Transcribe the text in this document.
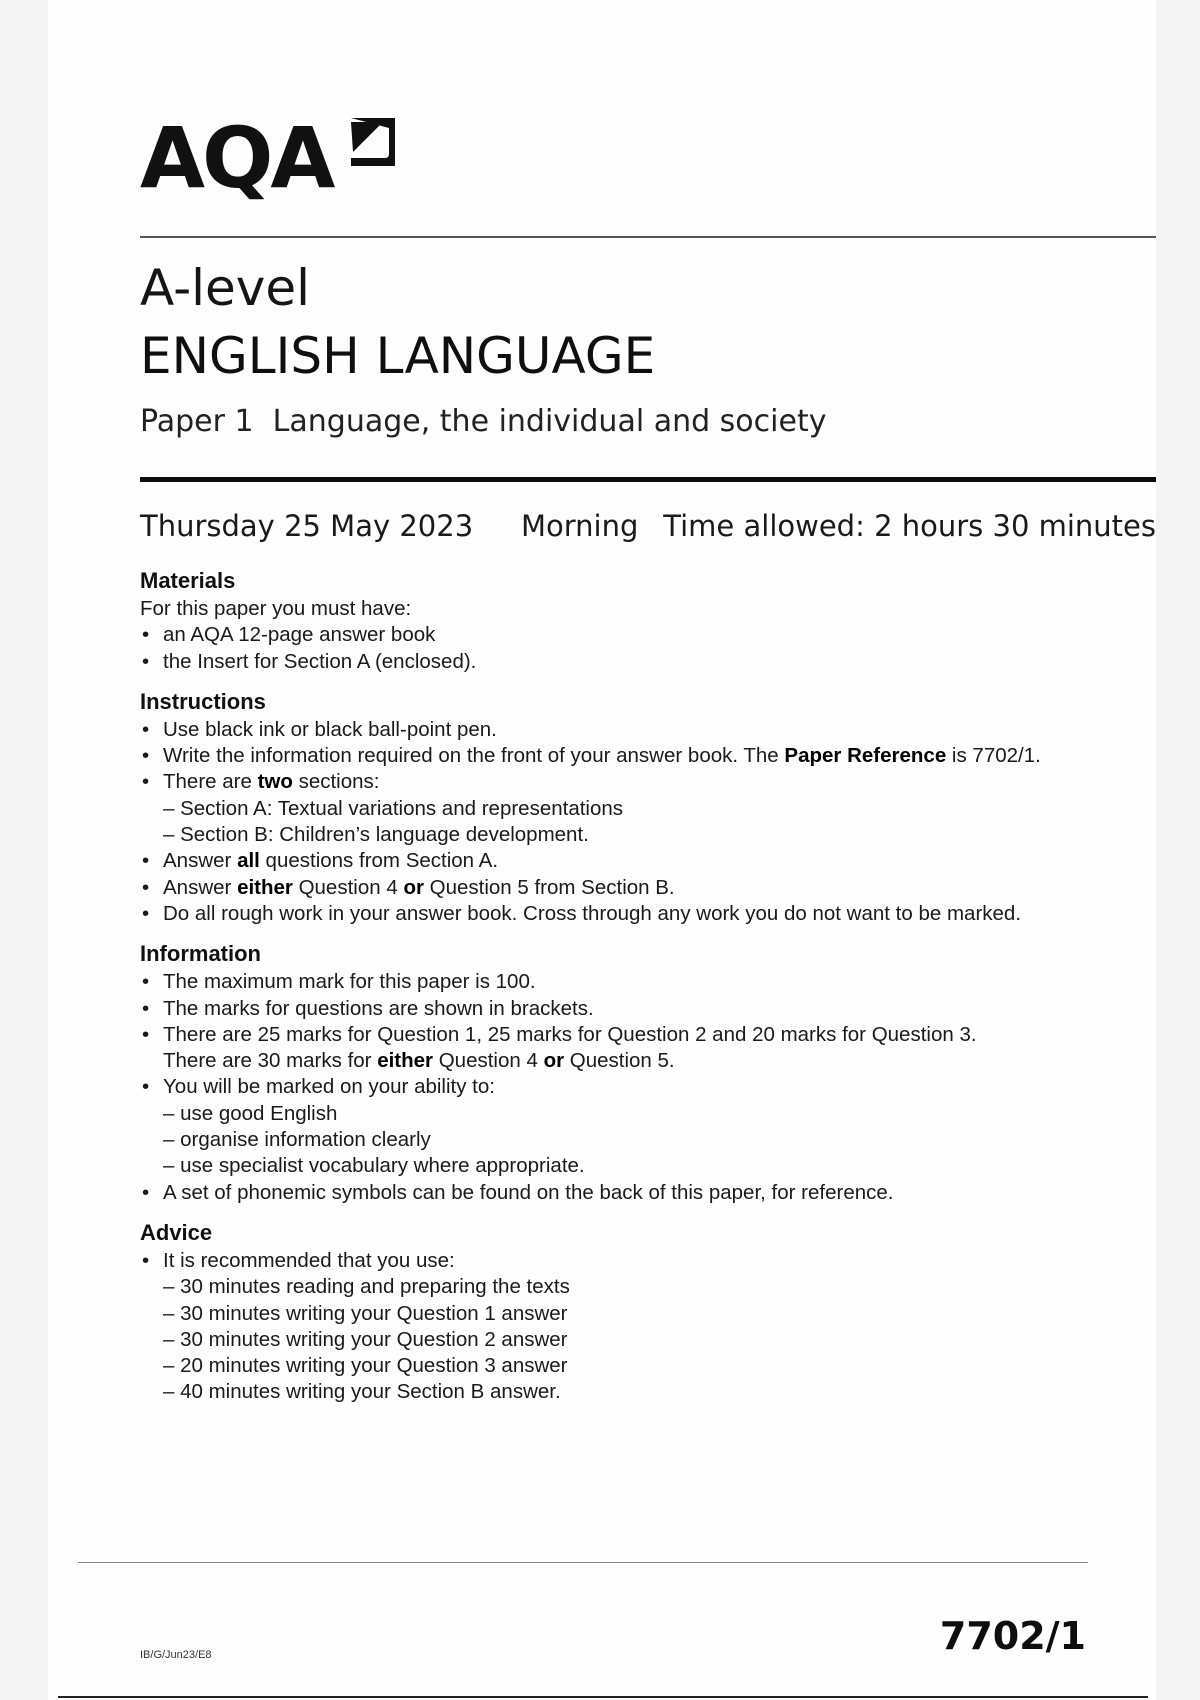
AQA
A-level
ENGLISH LANGUAGE
Paper 1 Language, the individual and society
Thursday 25 May 2023 Morning Time allowed: 2 hours 30 minutes
Materials

For this paper you must have:

• an AQA 12-page answer book
• the Insert for Section A (enclosed).
Instructions
• Use black ink or black ball-point pen.
• Write the information required on the front of your answer book. The Paper Reference is 7702/1.
• There are two sections:
– Section A: Textual variations and representations
– Section B: Children’s language development.
• Answer all questions from Section A.
• Answer either Question 4 or Question 5 from Section B.
• Do all rough work in your answer book. Cross through any work you do not want to be marked.
Information
• The maximum mark for this paper is 100.
• The marks for questions are shown in brackets.
• There are 25 marks for Question 1, 25 marks for Question 2 and 20 marks for Question 3.
There are 30 marks for either Question 4 or Question 5.
• You will be marked on your ability to:
– use good English
– organise information clearly
– use specialist vocabulary where appropriate.
• A set of phonemic symbols can be found on the back of this paper, for reference.
Advice
• It is recommended that you use:
– 30 minutes reading and preparing the texts
– 30 minutes writing your Question 1 answer
– 30 minutes writing your Question 2 answer
– 20 minutes writing your Question 3 answer
– 40 minutes writing your Section B answer.
IB/G/Jun23/E8	7702/1
